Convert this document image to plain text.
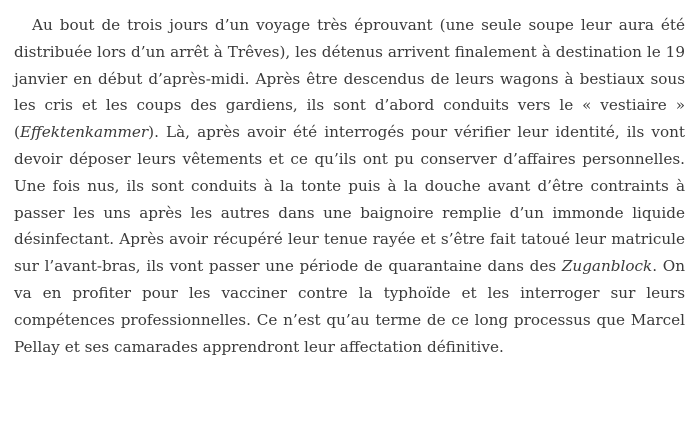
Au bout de trois jours d’un voyage très éprouvant (une seule soupe leur aura été
distribuée lors d’un arrêt à Trêves), les détenus arrivent finalement à destination le 19
janvier en début d’après-midi. Après être descendus de leurs wagons à bestiaux sous
les cris et les coups des gardiens, ils sont d’abord conduits vers le « vestiaire »
(Effektenkammer). Là, après avoir été interrogés pour vérifier leur identité, ils vont
devoir déposer leurs vêtements et ce qu’ils ont pu conserver d’affaires personnelles.
Une fois nus, ils sont conduits à la tonte puis à la douche avant d’être contraints à
passer les uns après les autres dans une baignoire remplie d’un immonde liquide
désinfectant. Après avoir récupéré leur tenue rayée et s’être fait tatoué leur matricule
sur l’avant-bras, ils vont passer une période de quarantaine dans des Zuganblock. On
va en profiter pour les vacciner contre la typhoïde et les interroger sur leurs
compétences professionnelles. Ce n’est qu’au terme de ce long processus que Marcel
Pellay et ses camarades apprendront leur affectation définitive.
